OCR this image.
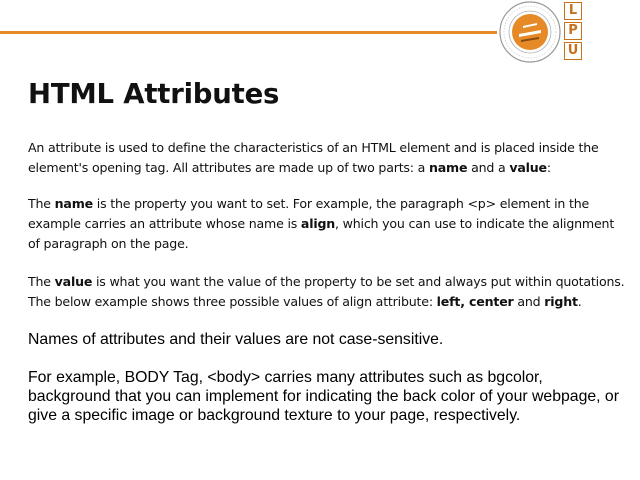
L
P
U
HTML Attributes
An attribute is used to define the characteristics of an HTML element and is placed inside the element's opening tag. All attributes are made up of two parts: a name and a value:
The name is the property you want to set. For example, the paragraph <p> element in the example carries an attribute whose name is align, which you can use to indicate the alignment of paragraph on the page.
The value is what you want the value of the property to be set and always put within quotations. The below example shows three possible values of align attribute: left, center and right.
Names of attributes and their values are not case-sensitive.
For example, BODY Tag, <body> carries many attributes such as bgcolor, background that you can implement for indicating the back color of your webpage, or give a specific image or background texture to your page, respectively.
